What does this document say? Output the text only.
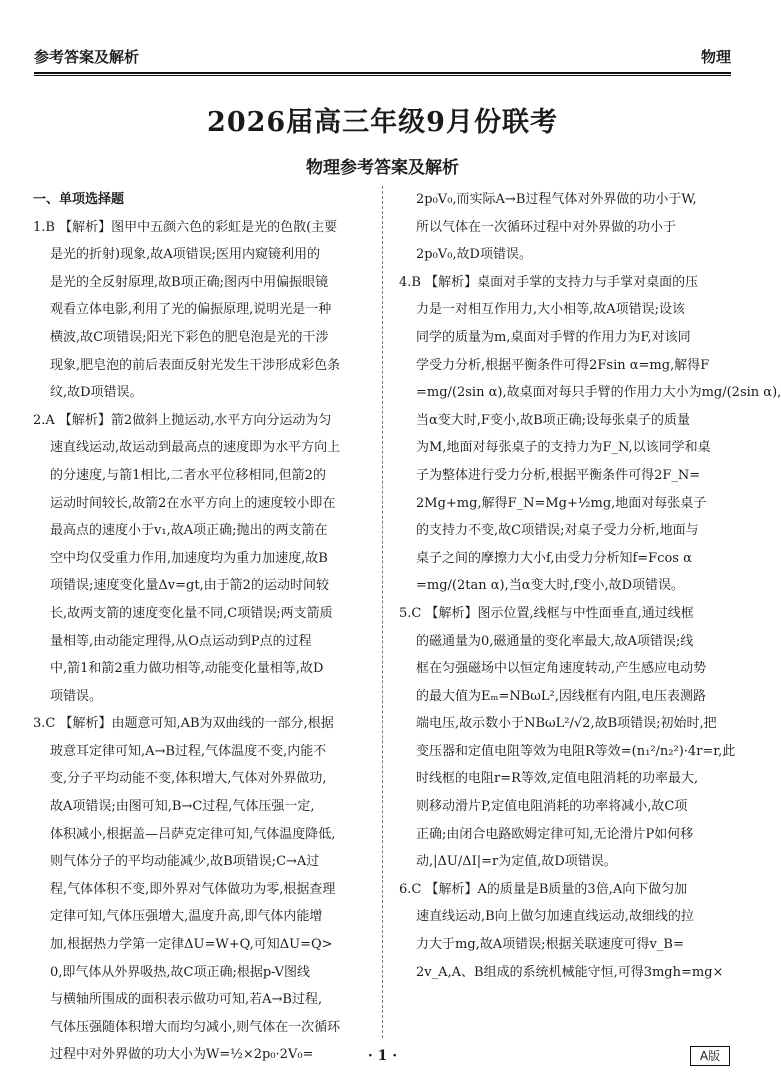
参考答案及解析	物理
2026届高三年级9月份联考
物理参考答案及解析
一、单项选择题
1.B 【解析】图甲中五颜六色的彩虹是光的色散(主要
是光的折射)现象,故A项错误;医用内窥镜利用的
是光的全反射原理,故B项正确;图丙中用偏振眼镜
观看立体电影,利用了光的偏振原理,说明光是一种
横波,故C项错误;阳光下彩色的肥皂泡是光的干涉
现象,肥皂泡的前后表面反射光发生干涉形成彩色条
纹,故D项错误。
2.A 【解析】箭2做斜上抛运动,水平方向分运动为匀
速直线运动,故运动到最高点的速度即为水平方向上
的分速度,与箭1相比,二者水平位移相同,但箭2的
运动时间较长,故箭2在水平方向上的速度较小即在
最高点的速度小于v₁,故A项正确;抛出的两支箭在
空中均仅受重力作用,加速度均为重力加速度,故B
项错误;速度变化量Δv=gt,由于箭2的运动时间较
长,故两支箭的速度变化量不同,C项错误;两支箭质
量相等,由动能定理得,从O点运动到P点的过程
中,箭1和箭2重力做功相等,动能变化量相等,故D
项错误。
3.C 【解析】由题意可知,AB为双曲线的一部分,根据
玻意耳定律可知,A→B过程,气体温度不变,内能不
变,分子平均动能不变,体积增大,气体对外界做功,
故A项错误;由图可知,B→C过程,气体压强一定,
体积减小,根据盖—吕萨克定律可知,气体温度降低,
则气体分子的平均动能减少,故B项错误;C→A过
程,气体体积不变,即外界对气体做功为零,根据查理
定律可知,气体压强增大,温度升高,即气体内能增
加,根据热力学第一定律ΔU=W+Q,可知ΔU=Q>
0,即气体从外界吸热,故C项正确;根据p-V图线
与横轴所围成的面积表示做功可知,若A→B过程,
气体压强随体积增大而均匀减小,则气体在一次循环
过程中对外界做的功大小为W=½×2p₀·2V₀=
2p₀V₀,而实际A→B过程气体对外界做的功小于W,
所以气体在一次循环过程中对外界做的功小于
2p₀V₀,故D项错误。
4.B 【解析】桌面对手掌的支持力与手掌对桌面的压
力是一对相互作用力,大小相等,故A项错误;设该
同学的质量为m,桌面对手臂的作用力为F,对该同
学受力分析,根据平衡条件可得2Fsin α=mg,解得F
=mg/(2sin α),故桌面对每只手臂的作用力大小为mg/(2sin α),
当α变大时,F变小,故B项正确;设每张桌子的质量
为M,地面对每张桌子的支持力为F_N,以该同学和桌
子为整体进行受力分析,根据平衡条件可得2F_N=
2Mg+mg,解得F_N=Mg+½mg,地面对每张桌子
的支持力不变,故C项错误;对桌子受力分析,地面与
桌子之间的摩擦力大小f,由受力分析知f=Fcos α
=mg/(2tan α),当α变大时,f变小,故D项错误。
5.C 【解析】图示位置,线框与中性面垂直,通过线框
的磁通量为0,磁通量的变化率最大,故A项错误;线
框在匀强磁场中以恒定角速度转动,产生感应电动势
的最大值为Eₘ=NBωL²,因线框有内阻,电压表测路
端电压,故示数小于NBωL²/√2,故B项错误;初始时,把
变压器和定值电阻等效为电阻R等效=(n₁²/n₂²)·4r=r,此
时线框的电阻r=R等效,定值电阻消耗的功率最大,
则移动滑片P,定值电阻消耗的功率将减小,故C项
正确;由闭合电路欧姆定律可知,无论滑片P如何移
动,|ΔU/ΔI|=r为定值,故D项错误。
6.C 【解析】A的质量是B质量的3倍,A向下做匀加
速直线运动,B向上做匀加速直线运动,故细线的拉
力大于mg,故A项错误;根据关联速度可得v_B=
2v_A,A、B组成的系统机械能守恒,可得3mgh=mg×
· 1 ·	A版
